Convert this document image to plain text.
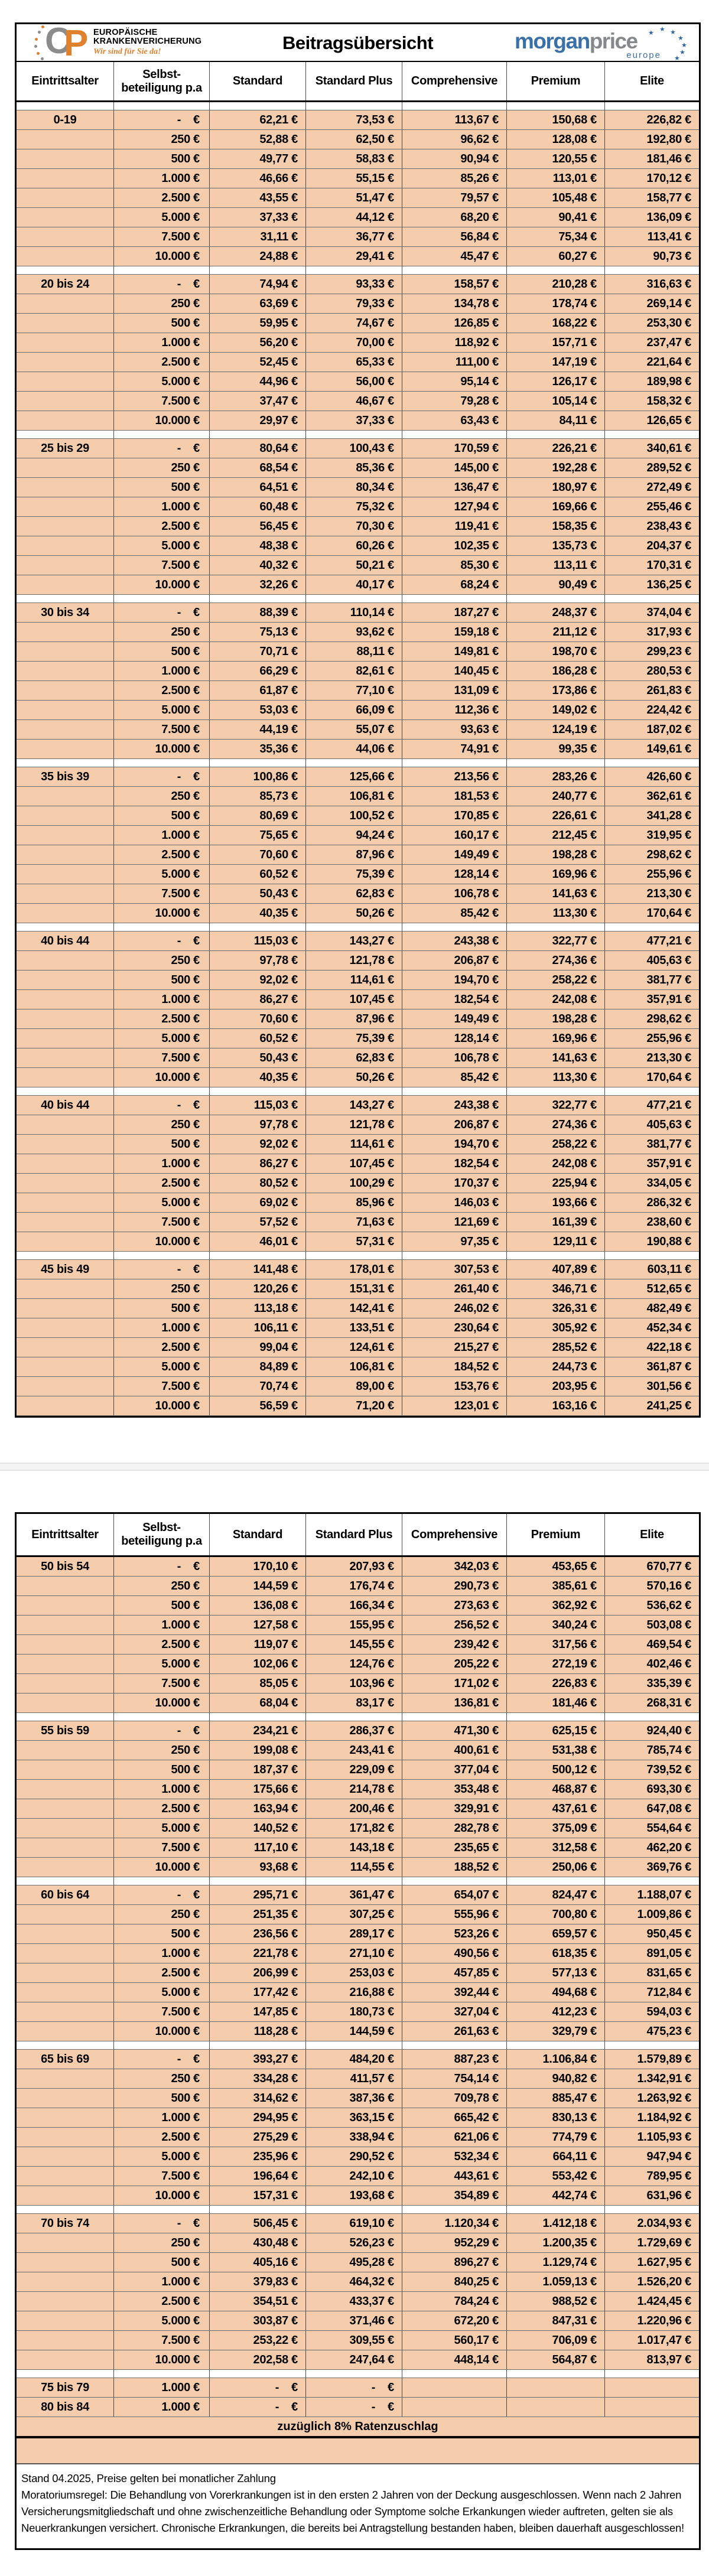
C
P EUROPÄISCHE
KRANKENVERICHERUNG
Wir sind für Sie da!	Beitragsübersicht	morganprice
europe
★ ★ ★
★
★
★
★
Eintrittsalter
Selbst-
beteiligung p.a
Standard	Standard Plus	Comprehensive	Premium	Elite
0-19	-    €	62,21 €	73,53 €	113,67 €	150,68 €	226,82 €
250 €	52,88 €	62,50 €	96,62 €	128,08 €	192,80 €
500 €	49,77 €	58,83 €	90,94 €	120,55 €	181,46 €
1.000 €	46,66 €	55,15 €	85,26 €	113,01 €	170,12 €
2.500 €	43,55 €	51,47 €	79,57 €	105,48 €	158,77 €
5.000 €	37,33 €	44,12 €	68,20 €	90,41 €	136,09 €
7.500 €	31,11 €	36,77 €	56,84 €	75,34 €	113,41 €
10.000 €	24,88 €	29,41 €	45,47 €	60,27 €	90,73 €
20 bis 24	-    €	74,94 €	93,33 €	158,57 €	210,28 €	316,63 €
250 €	63,69 €	79,33 €	134,78 €	178,74 €	269,14 €
500 €	59,95 €	74,67 €	126,85 €	168,22 €	253,30 €
1.000 €	56,20 €	70,00 €	118,92 €	157,71 €	237,47 €
2.500 €	52,45 €	65,33 €	111,00 €	147,19 €	221,64 €
5.000 €	44,96 €	56,00 €	95,14 €	126,17 €	189,98 €
7.500 €	37,47 €	46,67 €	79,28 €	105,14 €	158,32 €
10.000 €	29,97 €	37,33 €	63,43 €	84,11 €	126,65 €
25 bis 29	-    €	80,64 €	100,43 €	170,59 €	226,21 €	340,61 €
250 €	68,54 €	85,36 €	145,00 €	192,28 €	289,52 €
500 €	64,51 €	80,34 €	136,47 €	180,97 €	272,49 €
1.000 €	60,48 €	75,32 €	127,94 €	169,66 €	255,46 €
2.500 €	56,45 €	70,30 €	119,41 €	158,35 €	238,43 €
5.000 €	48,38 €	60,26 €	102,35 €	135,73 €	204,37 €
7.500 €	40,32 €	50,21 €	85,30 €	113,11 €	170,31 €
10.000 €	32,26 €	40,17 €	68,24 €	90,49 €	136,25 €
30 bis 34	-    €	88,39 €	110,14 €	187,27 €	248,37 €	374,04 €
250 €	75,13 €	93,62 €	159,18 €	211,12 €	317,93 €
500 €	70,71 €	88,11 €	149,81 €	198,70 €	299,23 €
1.000 €	66,29 €	82,61 €	140,45 €	186,28 €	280,53 €
2.500 €	61,87 €	77,10 €	131,09 €	173,86 €	261,83 €
5.000 €	53,03 €	66,09 €	112,36 €	149,02 €	224,42 €
7.500 €	44,19 €	55,07 €	93,63 €	124,19 €	187,02 €
10.000 €	35,36 €	44,06 €	74,91 €	99,35 €	149,61 €
35 bis 39	-    €	100,86 €	125,66 €	213,56 €	283,26 €	426,60 €
250 €	85,73 €	106,81 €	181,53 €	240,77 €	362,61 €
500 €	80,69 €	100,52 €	170,85 €	226,61 €	341,28 €
1.000 €	75,65 €	94,24 €	160,17 €	212,45 €	319,95 €
2.500 €	70,60 €	87,96 €	149,49 €	198,28 €	298,62 €
5.000 €	60,52 €	75,39 €	128,14 €	169,96 €	255,96 €
7.500 €	50,43 €	62,83 €	106,78 €	141,63 €	213,30 €
10.000 €	40,35 €	50,26 €	85,42 €	113,30 €	170,64 €
40 bis 44	-    €	115,03 €	143,27 €	243,38 €	322,77 €	477,21 €
250 €	97,78 €	121,78 €	206,87 €	274,36 €	405,63 €
500 €	92,02 €	114,61 €	194,70 €	258,22 €	381,77 €
1.000 €	86,27 €	107,45 €	182,54 €	242,08 €	357,91 €
2.500 €	70,60 €	87,96 €	149,49 €	198,28 €	298,62 €
5.000 €	60,52 €	75,39 €	128,14 €	169,96 €	255,96 €
7.500 €	50,43 €	62,83 €	106,78 €	141,63 €	213,30 €
10.000 €	40,35 €	50,26 €	85,42 €	113,30 €	170,64 €
40 bis 44	-    €	115,03 €	143,27 €	243,38 €	322,77 €	477,21 €
250 €	97,78 €	121,78 €	206,87 €	274,36 €	405,63 €
500 €	92,02 €	114,61 €	194,70 €	258,22 €	381,77 €
1.000 €	86,27 €	107,45 €	182,54 €	242,08 €	357,91 €
2.500 €	80,52 €	100,29 €	170,37 €	225,94 €	334,05 €
5.000 €	69,02 €	85,96 €	146,03 €	193,66 €	286,32 €
7.500 €	57,52 €	71,63 €	121,69 €	161,39 €	238,60 €
10.000 €	46,01 €	57,31 €	97,35 €	129,11 €	190,88 €
45 bis 49	-    €	141,48 €	178,01 €	307,53 €	407,89 €	603,11 €
250 €	120,26 €	151,31 €	261,40 €	346,71 €	512,65 €
500 €	113,18 €	142,41 €	246,02 €	326,31 €	482,49 €
1.000 €	106,11 €	133,51 €	230,64 €	305,92 €	452,34 €
2.500 €	99,04 €	124,61 €	215,27 €	285,52 €	422,18 €
5.000 €	84,89 €	106,81 €	184,52 €	244,73 €	361,87 €
7.500 €	70,74 €	89,00 €	153,76 €	203,95 €	301,56 €
10.000 €	56,59 €	71,20 €	123,01 €	163,16 €	241,25 €
Eintrittsalter
Selbst-
beteiligung p.a
Standard	Standard Plus	Comprehensive	Premium	Elite
50 bis 54	-    €	170,10 €	207,93 €	342,03 €	453,65 €	670,77 €
250 €	144,59 €	176,74 €	290,73 €	385,61 €	570,16 €
500 €	136,08 €	166,34 €	273,63 €	362,92 €	536,62 €
1.000 €	127,58 €	155,95 €	256,52 €	340,24 €	503,08 €
2.500 €	119,07 €	145,55 €	239,42 €	317,56 €	469,54 €
5.000 €	102,06 €	124,76 €	205,22 €	272,19 €	402,46 €
7.500 €	85,05 €	103,96 €	171,02 €	226,83 €	335,39 €
10.000 €	68,04 €	83,17 €	136,81 €	181,46 €	268,31 €
55 bis 59	-    €	234,21 €	286,37 €	471,30 €	625,15 €	924,40 €
250 €	199,08 €	243,41 €	400,61 €	531,38 €	785,74 €
500 €	187,37 €	229,09 €	377,04 €	500,12 €	739,52 €
1.000 €	175,66 €	214,78 €	353,48 €	468,87 €	693,30 €
2.500 €	163,94 €	200,46 €	329,91 €	437,61 €	647,08 €
5.000 €	140,52 €	171,82 €	282,78 €	375,09 €	554,64 €
7.500 €	117,10 €	143,18 €	235,65 €	312,58 €	462,20 €
10.000 €	93,68 €	114,55 €	188,52 €	250,06 €	369,76 €
60 bis 64	-    €	295,71 €	361,47 €	654,07 €	824,47 €	1.188,07 €
250 €	251,35 €	307,25 €	555,96 €	700,80 €	1.009,86 €
500 €	236,56 €	289,17 €	523,26 €	659,57 €	950,45 €
1.000 €	221,78 €	271,10 €	490,56 €	618,35 €	891,05 €
2.500 €	206,99 €	253,03 €	457,85 €	577,13 €	831,65 €
5.000 €	177,42 €	216,88 €	392,44 €	494,68 €	712,84 €
7.500 €	147,85 €	180,73 €	327,04 €	412,23 €	594,03 €
10.000 €	118,28 €	144,59 €	261,63 €	329,79 €	475,23 €
65 bis 69	-    €	393,27 €	484,20 €	887,23 €	1.106,84 €	1.579,89 €
250 €	334,28 €	411,57 €	754,14 €	940,82 €	1.342,91 €
500 €	314,62 €	387,36 €	709,78 €	885,47 €	1.263,92 €
1.000 €	294,95 €	363,15 €	665,42 €	830,13 €	1.184,92 €
2.500 €	275,29 €	338,94 €	621,06 €	774,79 €	1.105,93 €
5.000 €	235,96 €	290,52 €	532,34 €	664,11 €	947,94 €
7.500 €	196,64 €	242,10 €	443,61 €	553,42 €	789,95 €
10.000 €	157,31 €	193,68 €	354,89 €	442,74 €	631,96 €
70 bis 74	-    €	506,45 €	619,10 €	1.120,34 €	1.412,18 €	2.034,93 €
250 €	430,48 €	526,23 €	952,29 €	1.200,35 €	1.729,69 €
500 €	405,16 €	495,28 €	896,27 €	1.129,74 €	1.627,95 €
1.000 €	379,83 €	464,32 €	840,25 €	1.059,13 €	1.526,20 €
2.500 €	354,51 €	433,37 €	784,24 €	988,52 €	1.424,45 €
5.000 €	303,87 €	371,46 €	672,20 €	847,31 €	1.220,96 €
7.500 €	253,22 €	309,55 €	560,17 €	706,09 €	1.017,47 €
10.000 €	202,58 €	247,64 €	448,14 €	564,87 €	813,97 €
75 bis 79	1.000 €	-    €	-    €
80 bis 84	1.000 €	-    €	-    €
zuzüglich 8% Ratenzuschlag
Stand 04.2025, Preise gelten bei monatlicher Zahlung
Moratoriumsregel: Die Behandlung von Vorerkrankungen ist in den ersten 2 Jahren von der Deckung ausgeschlossen. Wenn nach 2 Jahren
Versicherungsmitgliedschaft und ohne zwischenzeitliche Behandlung oder Symptome solche Erkankungen wieder auftreten, gelten sie als
Neuerkrankungen versichert. Chronische Erkrankungen, die bereits bei Antragstellung bestanden haben, bleiben dauerhaft ausgeschlossen!
